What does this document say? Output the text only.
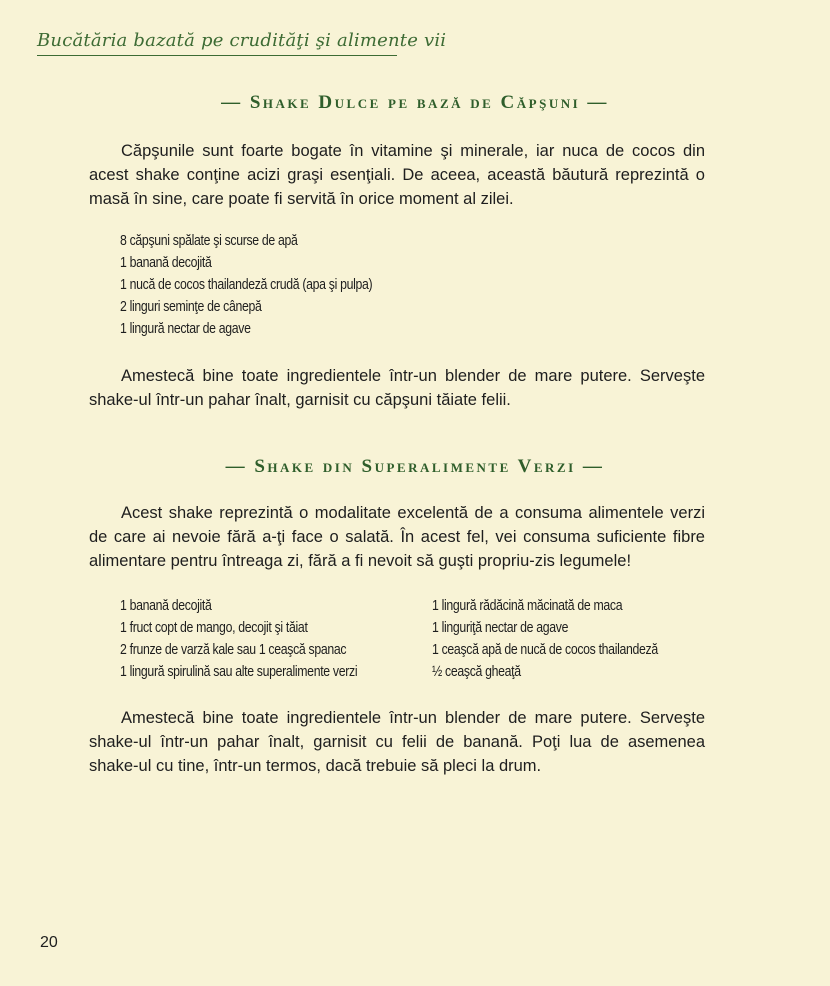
Bucătăria bazată pe crudităţi şi alimente vii
— Shake Dulce pe bază de Căpşuni —

Căpşunile sunt foarte bogate în vitamine şi minerale, iar nuca de cocos din acest shake conţine acizi graşi esenţiali. De aceea, această băutură reprezintă o masă în sine, care poate fi servită în orice moment al zilei.

8 căpşuni spălate şi scurse de apă
1 banană decojită
1 nucă de cocos thailandeză crudă (apa şi pulpa)
2 linguri seminţe de cânepă
1 lingură nectar de agave

Amestecă bine toate ingredientele într-un blender de mare putere. Serveşte shake-ul într-un pahar înalt, garnisit cu căpşuni tăiate felii.

— Shake din Superalimente Verzi —

Acest shake reprezintă o modalitate excelentă de a consuma alimentele verzi de care ai nevoie fără a-ţi face o salată. În acest fel, vei consuma suficiente fibre alimentare pentru întreaga zi, fără a fi nevoit să guşti propriu-zis legumele!

1 banană decojită
1 fruct copt de mango, decojit şi tăiat
2 frunze de varză kale sau 1 ceaşcă spanac
1 lingură spirulină sau alte superalimente verzi
1 lingură rădăcină măcinată de maca
1 linguriţă nectar de agave
1 ceaşcă apă de nucă de cocos thailandeză
½ ceaşcă gheaţă

Amestecă bine toate ingredientele într-un blender de mare putere. Serveşte shake-ul într-un pahar înalt, garnisit cu felii de banană. Poţi lua de asemenea shake-ul cu tine, într-un termos, dacă trebuie să pleci la drum.

20
